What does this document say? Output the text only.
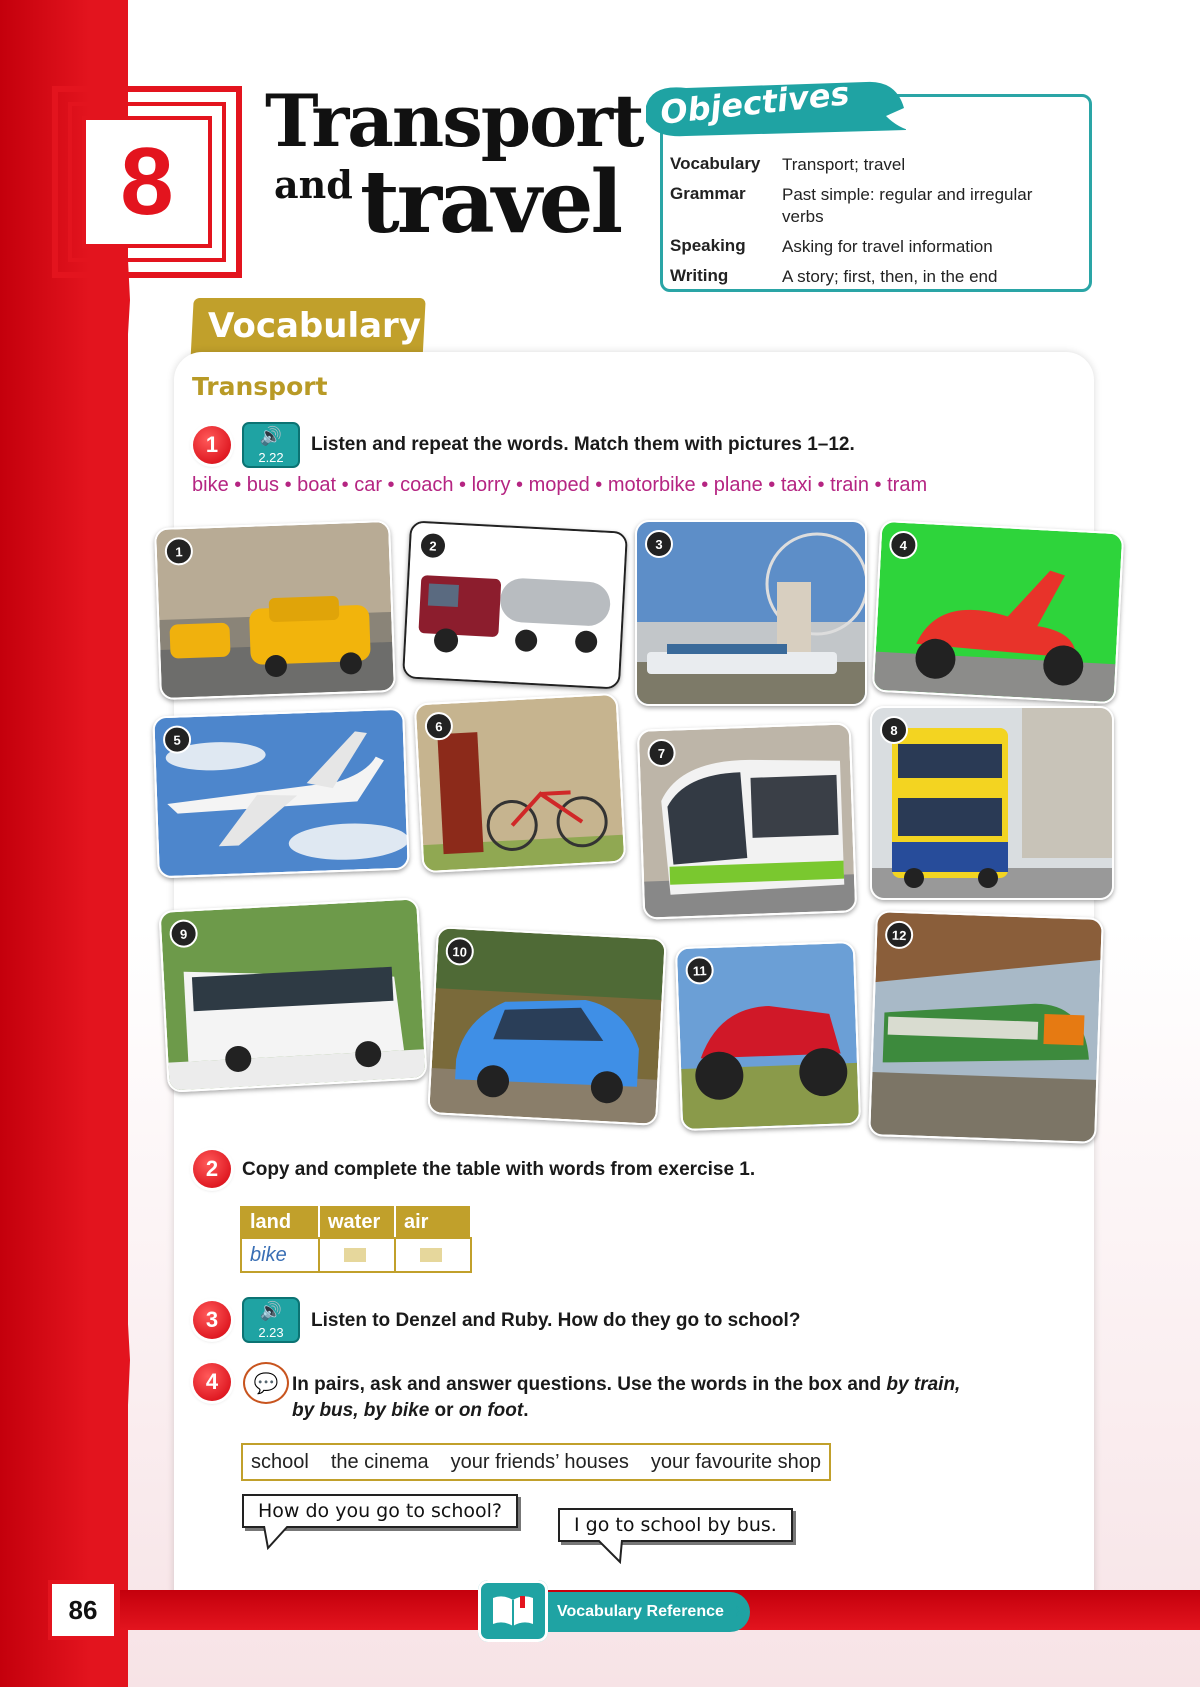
8
Transport
and travel
Objectives
Vocabulary Transport; travel
Grammar Past simple: regular and irregular verbs
Speaking Asking for travel information
Writing	A story; first, then, in the end
Vocabulary
Transport
1	🔊
2.22
Listen and repeat the words. Match them with pictures 1–12.
bike • bus • boat • car • coach • lorry • moped • motorbike • plane • taxi • train • tram
1	2	3	4
5
6
7
8
9
10
11
12
2	Copy and complete the table with words from exercise 1.
land	water	air
bike		
3	🔊
2.23
Listen to Denzel and Ruby. How do they go to school?
4	💬 In pairs, ask and answer questions. Use the words in the box and by train,
by bus, by bike or on foot.
school the cinema your friends’ houses your favourite shop
How do you go to school?
I go to school by bus.
86	Vocabulary Reference »
